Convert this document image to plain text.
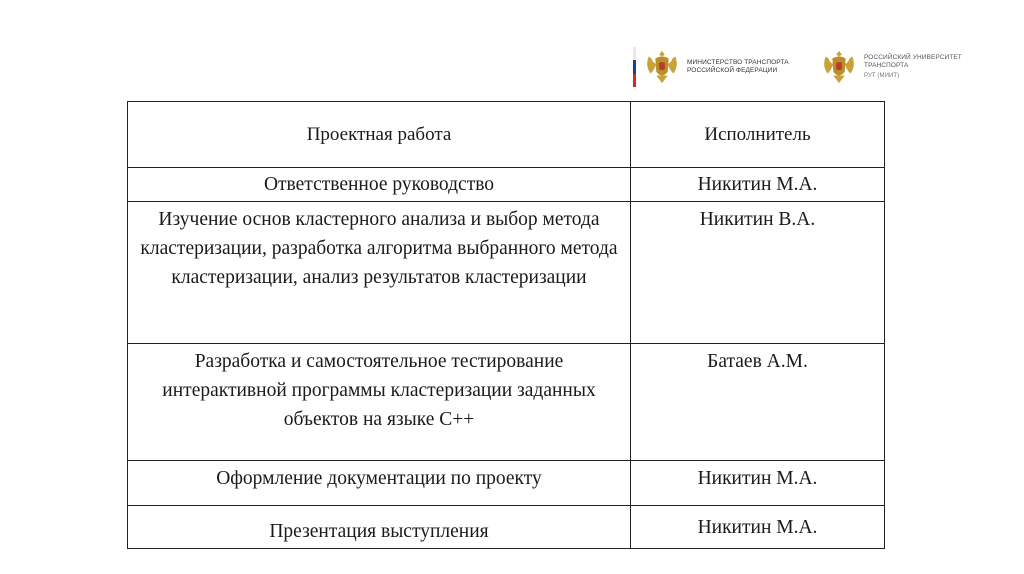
МИНИСТЕРСТВО ТРАНСПОРТА
РОССИЙСКОЙ ФЕДЕРАЦИИ
РОССИЙСКИЙ УНИВЕРСИТЕТ
ТРАНСПОРТА
РУТ (МИИТ)
Проектная работа	Исполнитель
Ответственное руководство	Никитин М.А.
Изучение основ кластерного анализа и выбор метода кластеризации, разработка алгоритма выбранного метода кластеризации, анализ результатов кластеризации	Никитин В.А.
Разработка и самостоятельное тестирование интерактивной программы кластеризации заданных объектов на языке C++	Батаев А.М.
Оформление документации по проекту	Никитин М.А.
Презентация выступления	Никитин М.А.
